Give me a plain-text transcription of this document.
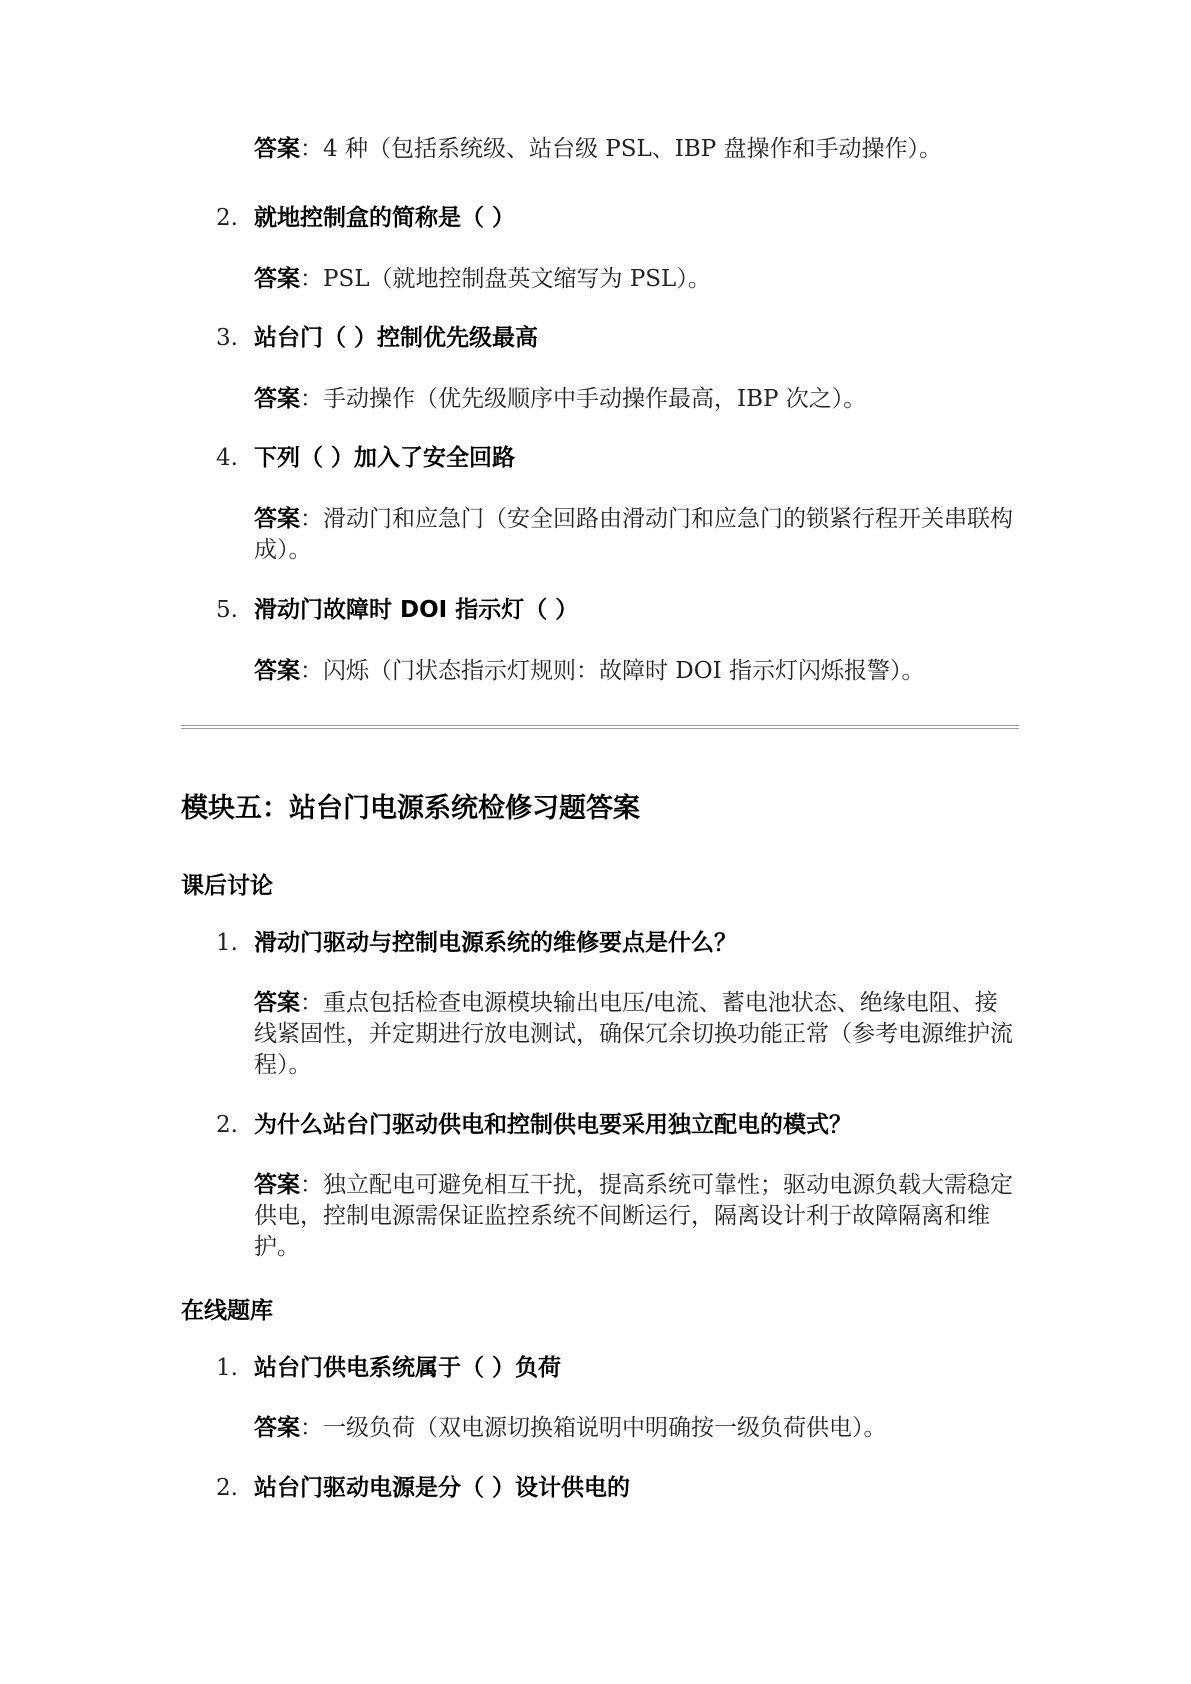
答案：4 种（包括系统级、站台级 PSL、IBP 盘操作和手动操作）。
2. 就地控制盒的简称是（ ）
答案：PSL（就地控制盘英文缩写为 PSL）。
3. 站台门（ ）控制优先级最高
答案：手动操作（优先级顺序中手动操作最高，IBP 次之）。
4. 下列（ ）加入了安全回路
答案：滑动门和应急门（安全回路由滑动门和应急门的锁紧行程开关串联构成）。
5. 滑动门故障时 DOI 指示灯（ ）
答案：闪烁（门状态指示灯规则：故障时 DOI 指示灯闪烁报警）。
模块五：站台门电源系统检修习题答案
课后讨论
1. 滑动门驱动与控制电源系统的维修要点是什么？
答案：重点包括检查电源模块输出电压/电流、蓄电池状态、绝缘电阻、接线紧固性，并定期进行放电测试，确保冗余切换功能正常（参考电源维护流程）。
2. 为什么站台门驱动供电和控制供电要采用独立配电的模式？
答案：独立配电可避免相互干扰，提高系统可靠性；驱动电源负载大需稳定供电，控制电源需保证监控系统不间断运行，隔离设计利于故障隔离和维护。
在线题库
1. 站台门供电系统属于（ ）负荷
答案：一级负荷（双电源切换箱说明中明确按一级负荷供电）。
2. 站台门驱动电源是分（ ）设计供电的
